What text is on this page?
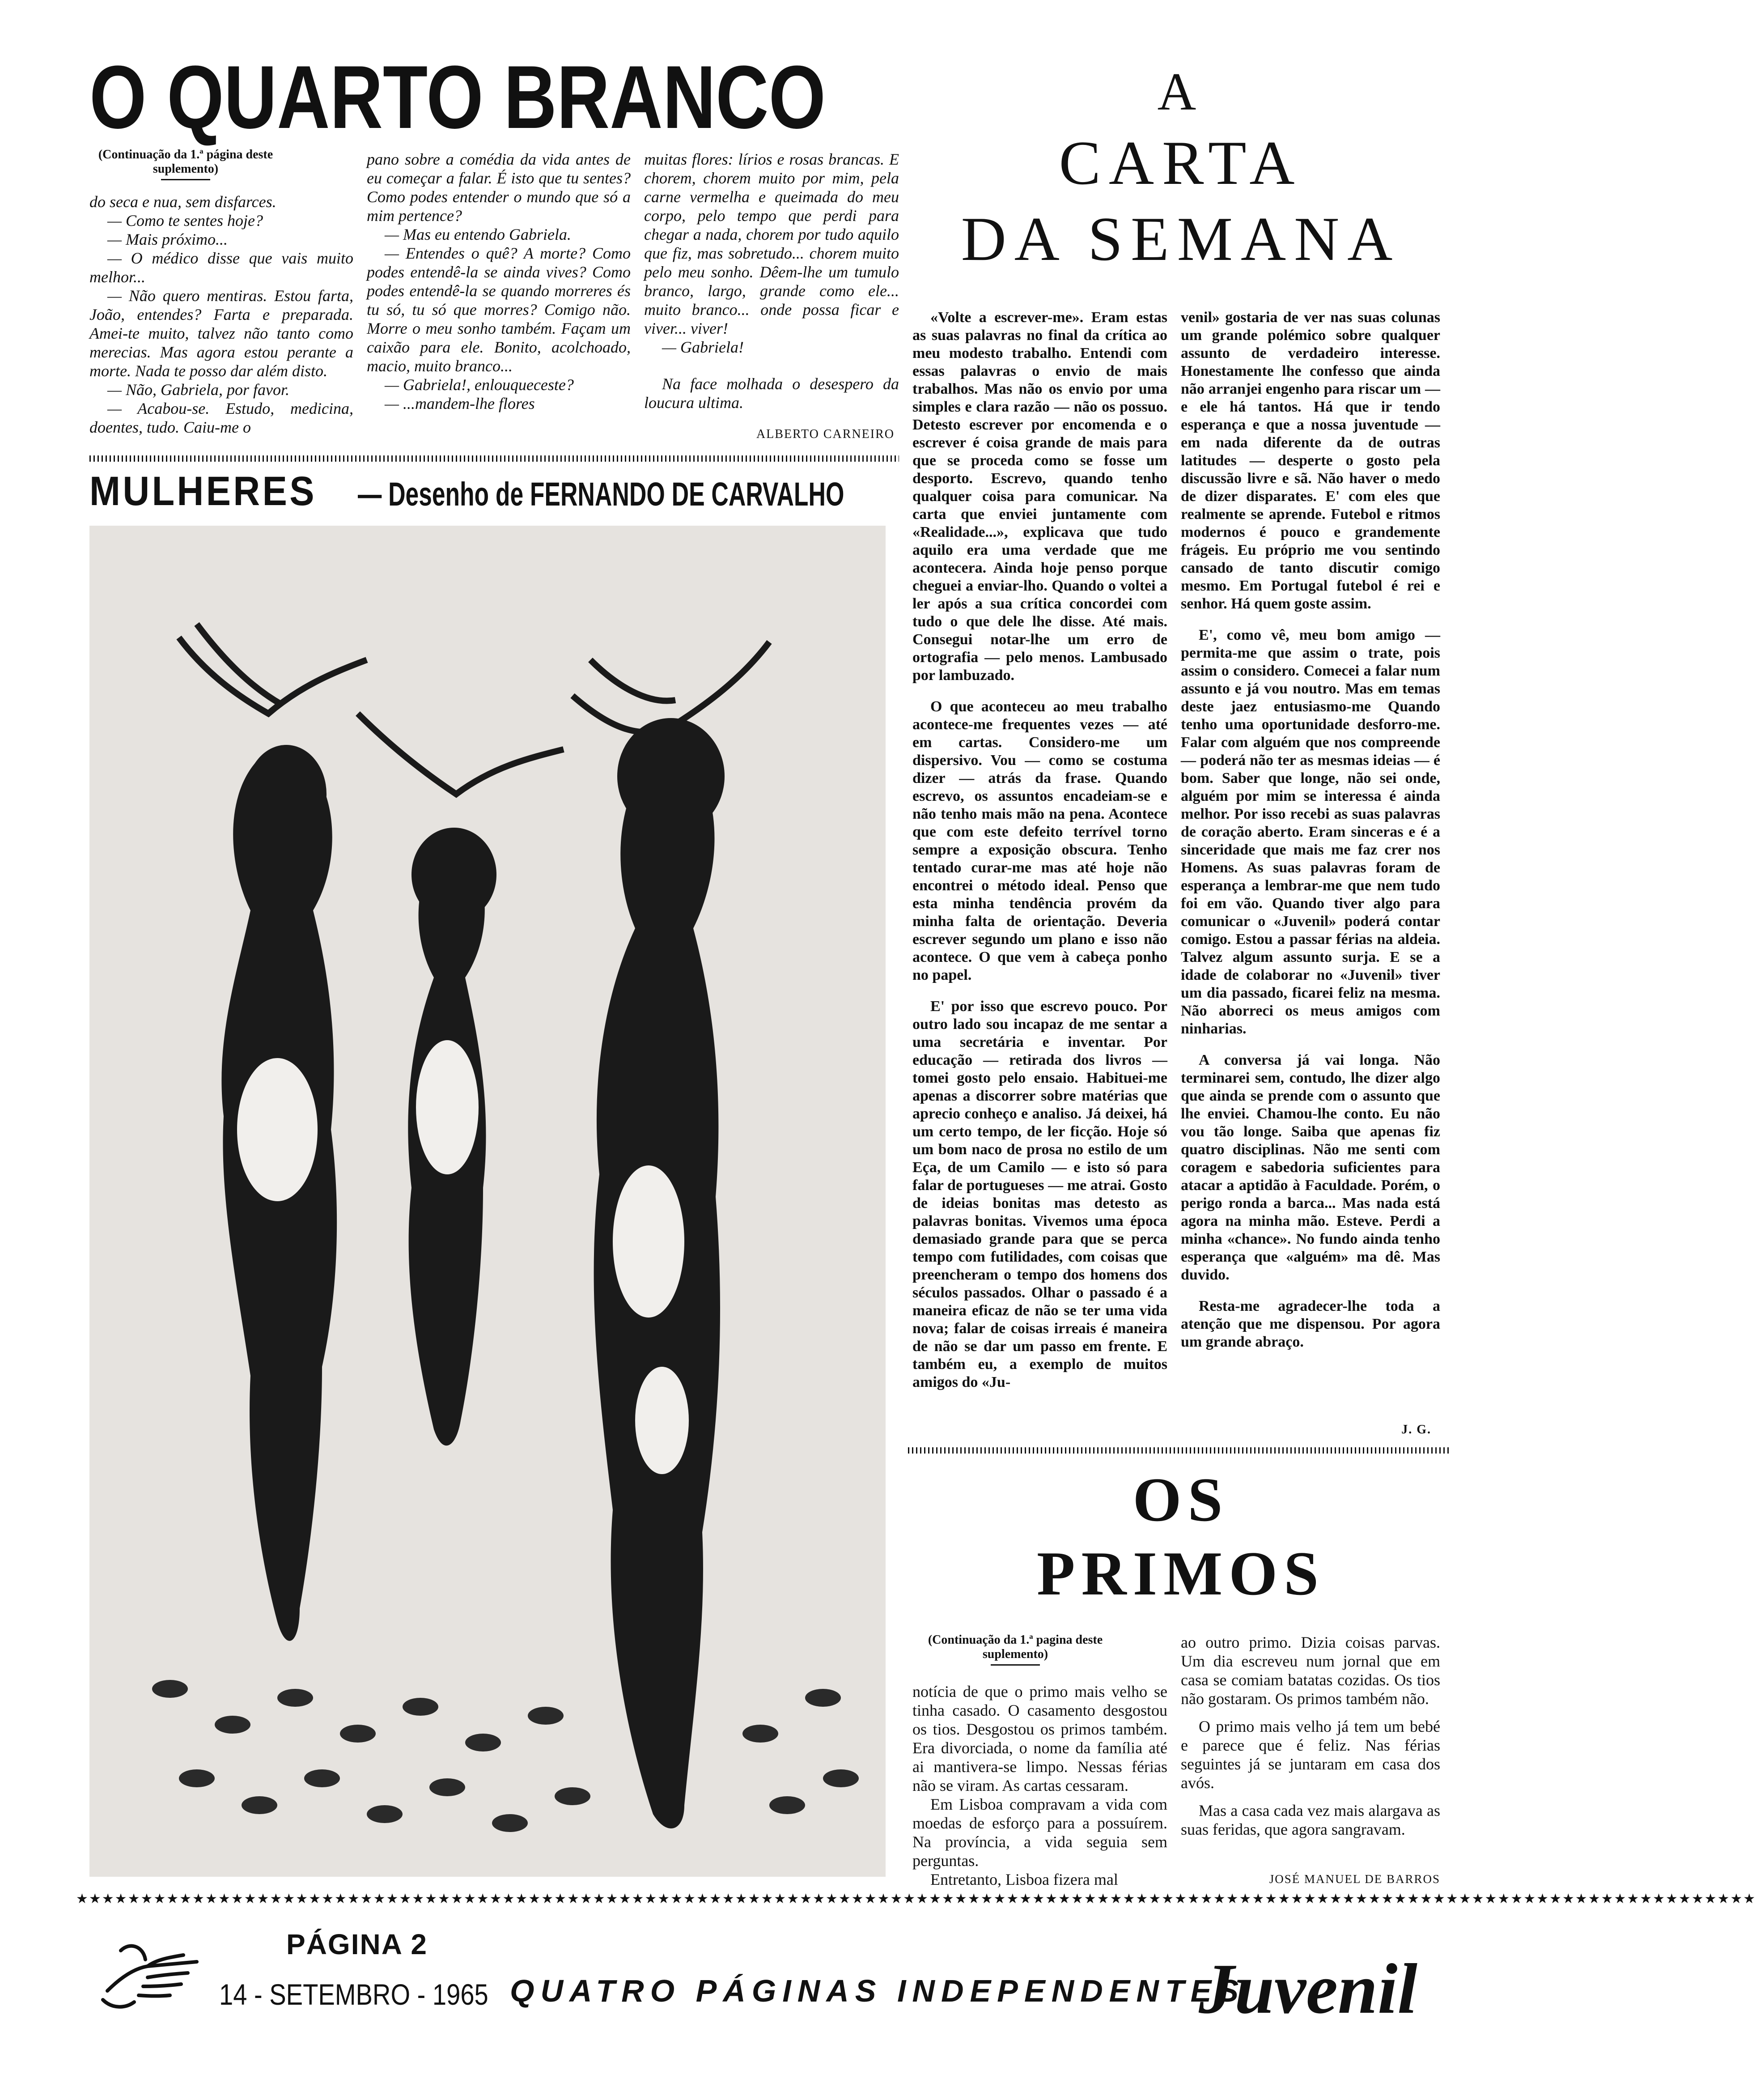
O QUARTO BRANCO
(Continuação da 1.ª página deste suplemento)

do seca e nua, sem disfarces.

— Como te sentes hoje?

— Mais próximo...

— O médico disse que vais muito melhor...

— Não quero mentiras. Estou farta, João, entendes? Farta e preparada. Amei-te muito, talvez não tanto como merecias. Mas agora estou perante a morte. Nada te posso dar além disto.

— Não, Gabriela, por favor.

— Acabou-se. Estudo, medicina, doentes, tudo. Caiu-me o

pano sobre a comédia da vida antes de eu começar a falar. É isto que tu sentes? Como podes entender o mundo que só a mim pertence?

— Mas eu entendo Gabriela.

— Entendes o quê? A morte? Como podes entendê-la se ainda vives? Como podes entendê-la se quando morreres és tu só, tu só que morres? Comigo não. Morre o meu sonho também. Façam um caixão para ele. Bonito, acolchoado, macio, muito branco...

— Gabriela!, enlouqueceste?

— ...mandem-lhe flores

muitas flores: lírios e rosas brancas. E chorem, chorem muito por mim, pela carne vermelha e queimada do meu corpo, pelo tempo que perdi para chegar a nada, chorem por tudo aquilo que fiz, mas sobretudo... chorem muito pelo meu sonho. Dêem-lhe um tumulo branco, largo, grande como ele... muito branco... onde possa ficar e viver... viver!

— Gabriela!

Na face molhada o desespero da loucura ultima.

ALBERTO CARNEIRO
MULHERES — Desenho de FERNANDO DE CARVALHO
A
CARTA
DA SEMANA

«Volte a escrever-me». Eram estas as suas palavras no final da crítica ao meu modesto trabalho. Entendi com essas palavras o envio de mais trabalhos. Mas não os envio por uma simples e clara razão — não os possuo. Detesto escrever por encomenda e o escrever é coisa grande de mais para que se proceda como se fosse um desporto. Escrevo, quando tenho qualquer coisa para comunicar. Na carta que enviei juntamente com «Realidade...», explicava que tudo aquilo era uma verdade que me acontecera. Ainda hoje penso porque cheguei a enviar-lho. Quando o voltei a ler após a sua crítica concordei com tudo o que dele lhe disse. Até mais. Consegui notar-lhe um erro de ortografia — pelo menos. Lambusado por lambuzado.

O que aconteceu ao meu trabalho acontece-me frequentes vezes — até em cartas. Considero-me um dispersivo. Vou — como se costuma dizer — atrás da frase. Quando escrevo, os assuntos encadeiam-se e não tenho mais mão na pena. Acontece que com este defeito terrível torno sempre a exposição obscura. Tenho tentado curar-me mas até hoje não encontrei o método ideal. Penso que esta minha tendência provém da minha falta de orientação. Deveria escrever segundo um plano e isso não acontece. O que vem à cabeça ponho no papel.

E' por isso que escrevo pouco. Por outro lado sou incapaz de me sentar a uma secretária e inventar. Por educação — retirada dos livros — tomei gosto pelo ensaio. Habituei-me apenas a discorrer sobre matérias que aprecio conheço e analiso. Já deixei, há um certo tempo, de ler ficção. Hoje só um bom naco de prosa no estilo de um Eça, de um Camilo — e isto só para falar de portugueses — me atrai. Gosto de ideias bonitas mas detesto as palavras bonitas. Vivemos uma época demasiado grande para que se perca tempo com futilidades, com coisas que preencheram o tempo dos homens dos séculos passados. Olhar o passado é a maneira eficaz de não se ter uma vida nova; falar de coisas irreais é maneira de não se dar um passo em frente. E também eu, a exemplo de muitos amigos do «Ju-

venil» gostaria de ver nas suas colunas um grande polémico sobre qualquer assunto de verdadeiro interesse. Honestamente lhe confesso que ainda não arranjei engenho para riscar um — e ele há tantos. Há que ir tendo esperança e que a nossa juventude — em nada diferente da de outras latitudes — desperte o gosto pela discussão livre e sã. Não haver o medo de dizer disparates. E' com eles que realmente se aprende. Futebol e ritmos modernos é pouco e grandemente frágeis. Eu próprio me vou sentindo cansado de tanto discutir comigo mesmo. Em Portugal futebol é rei e senhor. Há quem goste assim.

E', como vê, meu bom amigo — permita-me que assim o trate, pois assim o considero. Comecei a falar num assunto e já vou noutro. Mas em temas deste jaez entusiasmo-me Quando tenho uma oportunidade desforro-me. Falar com alguém que nos compreende — poderá não ter as mesmas ideias — é bom. Saber que longe, não sei onde, alguém por mim se interessa é ainda melhor. Por isso recebi as suas palavras de coração aberto. Eram sinceras e é a sinceridade que mais me faz crer nos Homens. As suas palavras foram de esperança a lembrar-me que nem tudo foi em vão. Quando tiver algo para comunicar o «Juvenil» poderá contar comigo. Estou a passar férias na aldeia. Talvez algum assunto surja. E se a idade de colaborar no «Juvenil» tiver um dia passado, ficarei feliz na mesma. Não aborreci os meus amigos com ninharias.

A conversa já vai longa. Não terminarei sem, contudo, lhe dizer algo que ainda se prende com o assunto que lhe enviei. Chamou-lhe conto. Eu não vou tão longe. Saiba que apenas fiz quatro disciplinas. Não me senti com coragem e sabedoria suficientes para atacar a aptidão à Faculdade. Porém, o perigo ronda a barca... Mas nada está agora na minha mão. Esteve. Perdi a minha «chance». No fundo ainda tenho esperança que «alguém» ma dê. Mas duvido.

Resta-me agradecer-lhe toda a atenção que me dispensou. Por agora um grande abraço.

J. G.
OS
PRIMOS
(Continuação da 1.ª pagina deste suplemento)

notícia de que o primo mais velho se tinha casado. O casamento desgostou os tios. Desgostou os primos também. Era divorciada, o nome da família até ai mantivera-se limpo. Nessas férias não se viram. As cartas cessaram.

Em Lisboa compravam a vida com moedas de esforço para a possuírem. Na província, a vida seguia sem perguntas.

Entretanto, Lisboa fizera mal

ao outro primo. Dizia coisas parvas. Um dia escreveu num jornal que em casa se comiam batatas cozidas. Os tios não gostaram. Os primos também não.

O primo mais velho já tem um bebé e parece que é feliz. Nas férias seguintes já se juntaram em casa dos avós.

Mas a casa cada vez mais alargava as suas feridas, que agora sangravam.

JOSÉ MANUEL DE BARROS
★★★★★★★★★★★★★★★★★★★★★★★★★★★★★★★★★★★★★★★★★★★★★★★★★★★★★★★★★★★★★★★★★★★★★★★★★★★★★★★★★★★★★★★★★★★★★★★★★★★★★★★★★★★★★★★★★★★★★★★★★★★★★★★★★★
PÁGINA 2
14 - SETEMBRO - 1965 QUATRO PÁGINAS INDEPENDENTES
Juvenil
